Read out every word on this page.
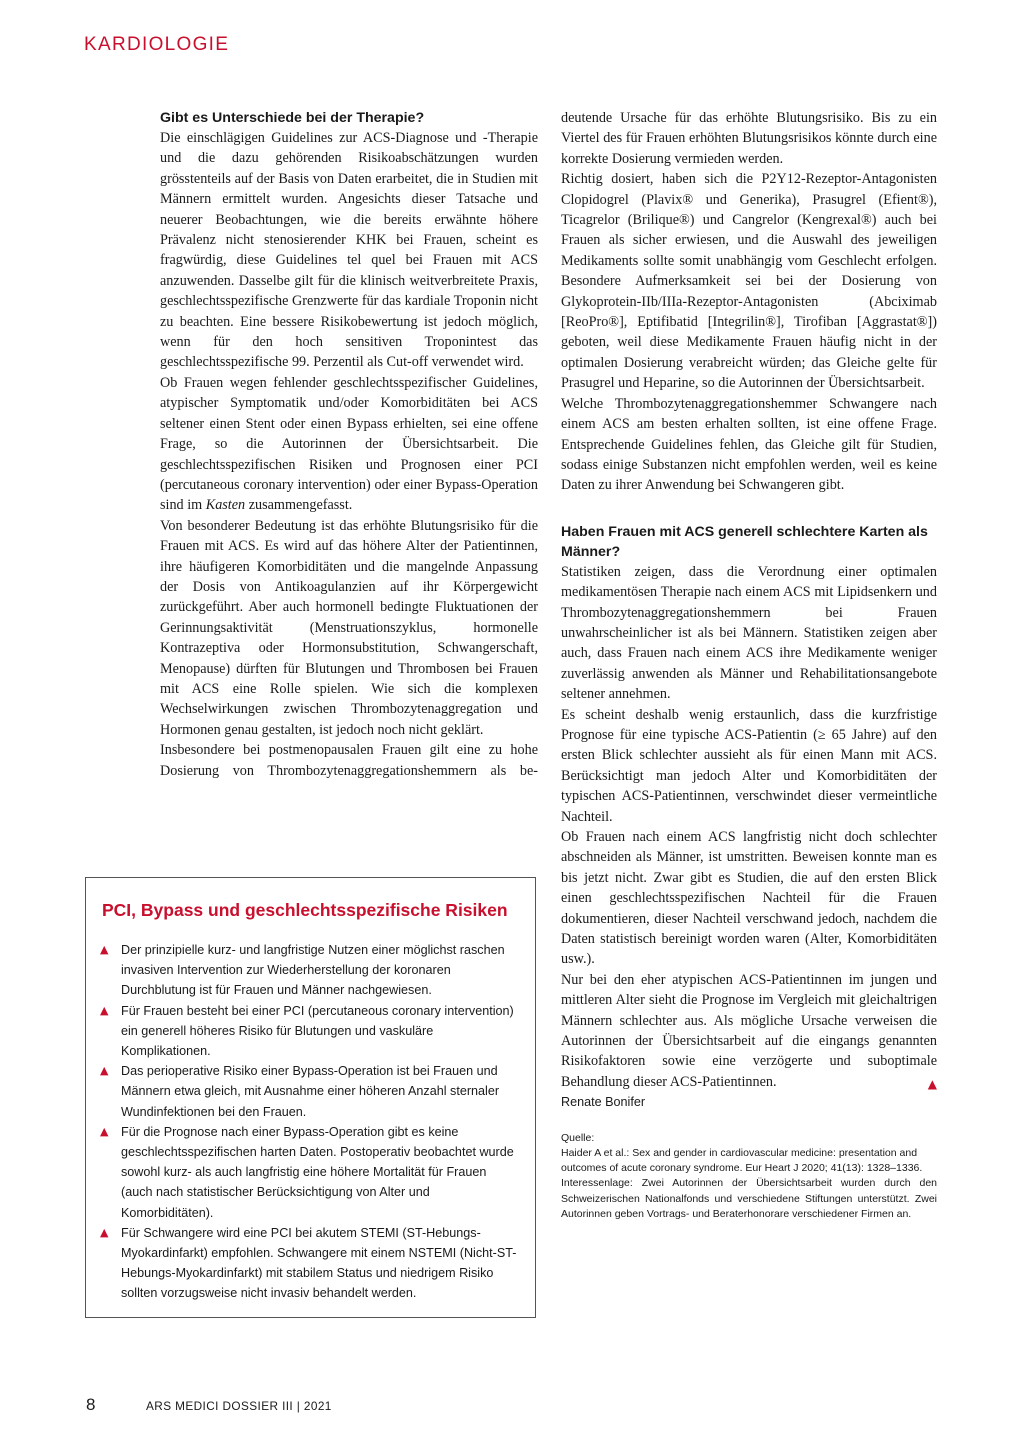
KARDIOLOGIE
Gibt es Unterschiede bei der Therapie?

Die einschlägigen Guidelines zur ACS-Diagnose und -Therapie und die dazu gehörenden Risikoabschätzungen wurden grösstenteils auf der Basis von Daten erarbeitet, die in Studien mit Männern ermittelt wurden. Angesichts dieser Tatsache und neuerer Beobachtungen, wie die bereits erwähnte höhere Prävalenz nicht stenosierender KHK bei Frauen, scheint es fragwürdig, diese Guidelines tel quel bei Frauen mit ACS anzuwenden. Dasselbe gilt für die klinisch weitverbreitete Praxis, geschlechtsspezifische Grenzwerte für das kardiale Troponin nicht zu beachten. Eine bessere Risikobewertung ist jedoch möglich, wenn für den hoch sensitiven Troponintest das geschlechtsspezifische 99. Perzentil als Cut-off verwendet wird.

Ob Frauen wegen fehlender geschlechtsspezifischer Guidelines, atypischer Symptomatik und/oder Komorbiditäten bei ACS seltener einen Stent oder einen Bypass erhielten, sei eine offene Frage, so die Autorinnen der Übersichtsarbeit. Die geschlechtsspezifischen Risiken und Prognosen einer PCI (percutaneous coronary intervention) oder einer Bypass-Operation sind im Kasten zusammengefasst.

Von besonderer Bedeutung ist das erhöhte Blutungsrisiko für die Frauen mit ACS. Es wird auf das höhere Alter der Patientinnen, ihre häufigeren Komorbiditäten und die mangelnde Anpassung der Dosis von Antikoagulanzien auf ihr Körpergewicht zurückgeführt. Aber auch hormonell bedingte Fluktuationen der Gerinnungsaktivität (Menstruationszyklus, hormonelle Kontrazeptiva oder Hormonsubstitution, Schwangerschaft, Menopause) dürften für Blutungen und Thrombosen bei Frauen mit ACS eine Rolle spielen. Wie sich die komplexen Wechselwirkungen zwischen Thrombozytenaggregation und Hormonen genau gestalten, ist jedoch noch nicht geklärt.

Insbesondere bei postmenopausalen Frauen gilt eine zu hohe Dosierung von Thrombozytenaggregationshemmern als be-

PCI, Bypass und geschlechtsspezifische Risiken
▲ Der prinzipielle kurz- und langfristige Nutzen einer möglichst raschen invasiven Intervention zur Wiederherstellung der koronaren Durchblutung ist für Frauen und Männer nachgewiesen.
▲ Für Frauen besteht bei einer PCI (percutaneous coronary intervention) ein generell höheres Risiko für Blutungen und vaskuläre Komplikationen.
▲ Das perioperative Risiko einer Bypass-Operation ist bei Frauen und Männern etwa gleich, mit Ausnahme einer höheren Anzahl sternaler Wundinfektionen bei den Frauen.
▲ Für die Prognose nach einer Bypass-Operation gibt es keine geschlechtsspezifischen harten Daten. Postoperativ beobachtet wurde sowohl kurz- als auch langfristig eine höhere Mortalität für Frauen (auch nach statistischer Berücksichtigung von Alter und Komorbiditäten).
▲ Für Schwangere wird eine PCI bei akutem STEMI (ST-Hebungs-Myokardinfarkt) empfohlen. Schwangere mit einem NSTEMI (Nicht-ST-Hebungs-Myokardinfarkt) mit stabilem Status und niedrigem Risiko sollten vorzugsweise nicht invasiv behandelt werden.

deutende Ursache für das erhöhte Blutungsrisiko. Bis zu ein Viertel des für Frauen erhöhten Blutungsrisikos könnte durch eine korrekte Dosierung vermieden werden.

Richtig dosiert, haben sich die P2Y12-Rezeptor-Antagonisten Clopidogrel (Plavix® und Generika), Prasugrel (Efient®), Ticagrelor (Brilique®) und Cangrelor (Kengrexal®) auch bei Frauen als sicher erwiesen, und die Auswahl des jeweiligen Medikaments sollte somit unabhängig vom Geschlecht erfolgen. Besondere Aufmerksamkeit sei bei der Dosierung von Glykoprotein-IIb/IIIa-Rezeptor-Antagonisten (Abciximab [ReoPro®], Eptifibatid [Integrilin®], Tirofiban [Aggrastat®]) geboten, weil diese Medikamente Frauen häufig nicht in der optimalen Dosierung verabreicht würden; das Gleiche gelte für Prasugrel und Heparine, so die Autorinnen der Übersichtsarbeit.

Welche Thrombozytenaggregationshemmer Schwangere nach einem ACS am besten erhalten sollten, ist eine offene Frage. Entsprechende Guidelines fehlen, das Gleiche gilt für Studien, sodass einige Substanzen nicht empfohlen werden, weil es keine Daten zu ihrer Anwendung bei Schwangeren gibt.

Haben Frauen mit ACS generell schlechtere Karten als Männer?

Statistiken zeigen, dass die Verordnung einer optimalen medikamentösen Therapie nach einem ACS mit Lipidsenkern und Thrombozytenaggregationshemmern bei Frauen unwahrscheinlicher ist als bei Männern. Statistiken zeigen aber auch, dass Frauen nach einem ACS ihre Medikamente weniger zuverlässig anwenden als Männer und Rehabilitationsangebote seltener annehmen.

Es scheint deshalb wenig erstaunlich, dass die kurzfristige Prognose für eine typische ACS-Patientin (≥ 65 Jahre) auf den ersten Blick schlechter aussieht als für einen Mann mit ACS. Berücksichtigt man jedoch Alter und Komorbiditäten der typischen ACS-Patientinnen, verschwindet dieser vermeintliche Nachteil.

Ob Frauen nach einem ACS langfristig nicht doch schlechter abschneiden als Männer, ist umstritten. Beweisen konnte man es bis jetzt nicht. Zwar gibt es Studien, die auf den ersten Blick einen geschlechtsspezifischen Nachteil für die Frauen dokumentieren, dieser Nachteil verschwand jedoch, nachdem die Daten statistisch bereinigt worden waren (Alter, Komorbiditäten usw.).

Nur bei den eher atypischen ACS-Patientinnen im jungen und mittleren Alter sieht die Prognose im Vergleich mit gleichaltrigen Männern schlechter aus. Als mögliche Ursache verweisen die Autorinnen der Übersichtsarbeit auf die eingangs genannten Risikofaktoren sowie eine verzögerte und suboptimale Behandlung dieser ACS-Patientinnen.	▲

Renate Bonifer

Quelle:
Haider A et al.: Sex and gender in cardiovascular medicine: presentation and outcomes of acute coronary syndrome. Eur Heart J 2020; 41(13): 1328–1336.

Interessenlage: Zwei Autorinnen der Übersichtsarbeit wurden durch den Schweizerischen Nationalfonds und verschiedene Stiftungen unterstützt. Zwei Autorinnen geben Vortrags- und Beraterhonorare verschiedener Firmen an.

8	ARS MEDICI DOSSIER III | 2021
